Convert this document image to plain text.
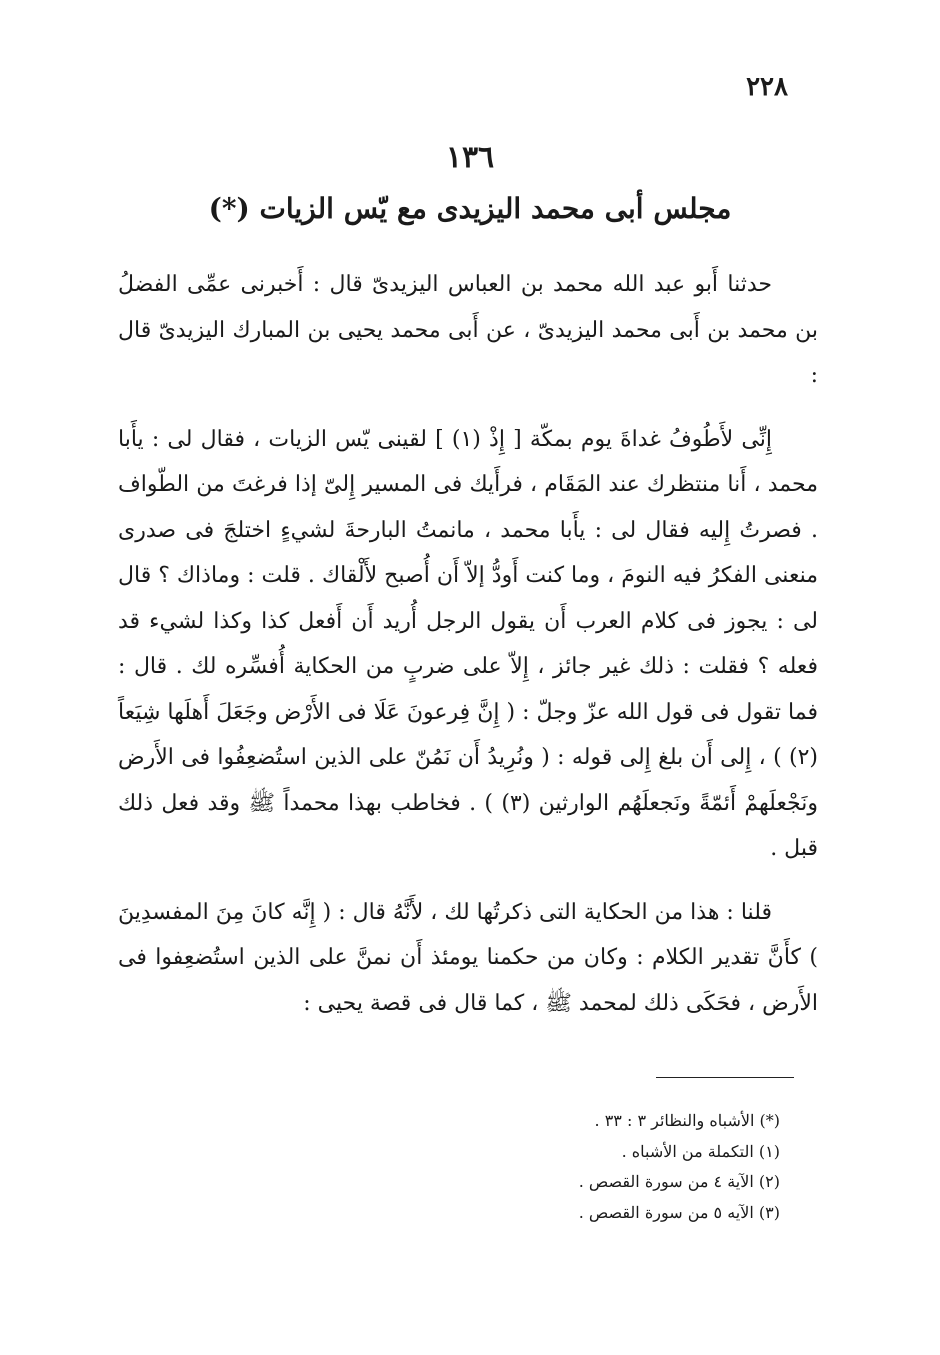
٢٢٨
١٣٦
مجلس أبى محمد اليزيدى مع يّس الزيات (*)

حدثنا أَبو عبد الله محمد بن العباس اليزيدىّ قال : أَخبرنى عمِّى الفضلُ بن محمد بن أَبى محمد اليزيدىّ ، عن أَبى محمد يحيى بن المبارك اليزيدىّ قال :

إِنِّى لأَطُوفُ غداةَ يوم بمكّة [ إِذْ (١) ] لقينى يّس الزيات ، فقال لى : يأَبا محمد ، أَنا منتظرك عند المَقَام ، فرأَيك فى المسير إِلىّ إذا فرغتَ من الطّواف . فصرتُ إِليه فقال لى : يأَبا محمد ، مانمتُ البارحةَ لشيءٍ اختلجَ فى صدرى منعنى الفكرُ فيه النومَ ، وما كنت أَودُّ إلاّ أَن أُصبح لأَلْقاك . قلت : وماذاك ؟ قال لى : يجوز فى كلام العرب أَن يقول الرجل أُريد أَن أَفعل كذا وكذا لشيء قد فعله ؟ فقلت : ذلك غير جائز ، إِلاّ على ضربٍ من الحكاية أُفسِّره لك . قال : فما تقول فى قول الله عزّ وجلّ : ( إِنَّ فِرعونَ عَلَا فى الأَرْض وجَعَلَ أَهلَها شِيَعاً (٢) ) ، إِلى أَن بلغ إِلى قوله : ( ونُرِيدُ أَن نَمُنّ على الذين استُضعِفُوا فى الأَرض ونَجْعلَهمْ أَئمّةً ونَجعلَهُم الوارثين (٣) ) . فخاطب بهذا محمداً ﷺ وقد فعل ذلك قبل .

قلنا : هذا من الحكاية التى ذكرتُها لك ، لأَنَّهُ قال : ( إِنَّه كانَ مِنَ المفسدِينَ ) كأَنَّ تقدير الكلام : وكان من حكمنا يومئذ أَن نمنَّ على الذين استُضعِفوا فى الأَرض ، فحَكَى ذلك لمحمد ﷺ ، كما قال فى قصة يحيى :

(*) الأشباه والنظائر ٣ : ٣٣ .
(١) التكملة من الأشباه .
(٢) الآية ٤ من سورة القصص .
(٣) الآيه ٥ من سورة القصص .
